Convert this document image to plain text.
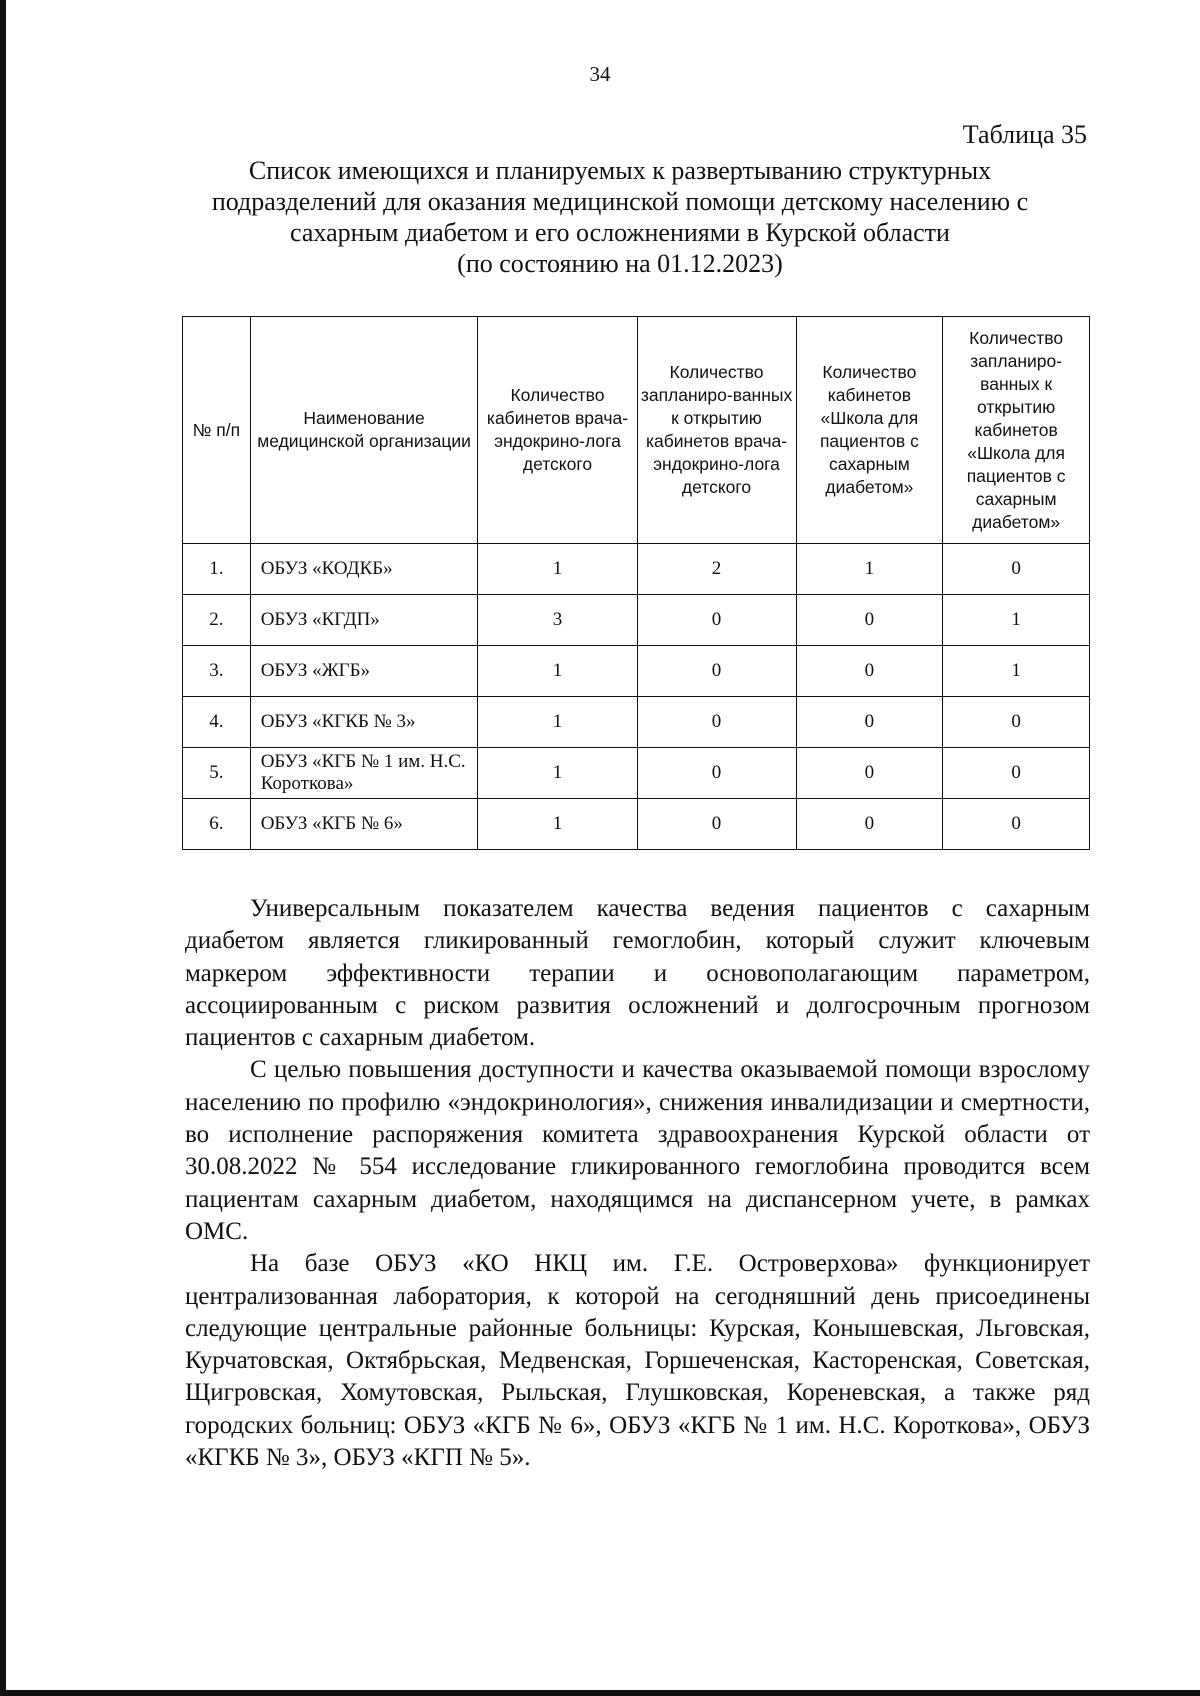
34
Таблица 35
Список имеющихся и планируемых к развертыванию структурных
подразделений для оказания медицинской помощи детскому населению с
сахарным диабетом и его осложнениями в Курской области
(по состоянию на 01.12.2023)
№ п/п	Наименование медицинской организации	Количество кабинетов врача-эндокрино-лога детского	Количество запланиро-ванных к открытию кабинетов врача-эндокрино-лога детского	Количество кабинетов «Школа для пациентов с сахарным диабетом»	Количество запланиро-ванных к открытию кабинетов «Школа для пациентов с сахарным диабетом»
1.	ОБУЗ «КОДКБ»	1	2	1	0
2.	ОБУЗ «КГДП»	3	0	0	1
3.	ОБУЗ «ЖГБ»	1	0	0	1
4.	ОБУЗ «КГКБ № 3»	1	0	0	0
5.	ОБУЗ «КГБ № 1 им. Н.С. Короткова»	1	0	0	0
6.	ОБУЗ «КГБ № 6»	1	0	0	0

Универсальным показателем качества ведения пациентов с сахарным диабетом является гликированный гемоглобин, который служит ключевым маркером эффективности терапии и основополагающим параметром, ассоциированным с риском развития осложнений и долгосрочным прогнозом пациентов с сахарным диабетом.

С целью повышения доступности и качества оказываемой помощи взрослому населению по профилю «эндокринология», снижения инвалидизации и смертности, во исполнение распоряжения комитета здравоохранения Курской области от 30.08.2022 № 554 исследование гликированного гемоглобина проводится всем пациентам сахарным диабетом, находящимся на диспансерном учете, в рамках ОМС.

На базе ОБУЗ «КО НКЦ им. Г.Е. Островерхова» функционирует централизованная лаборатория, к которой на сегодняшний день присоединены следующие центральные районные больницы: Курская, Конышевская, Льговская, Курчатовская, Октябрьская, Медвенская, Горшеченская, Касторенская, Советская, Щигровская, Хомутовская, Рыльская, Глушковская, Кореневская, а также ряд городских больниц: ОБУЗ «КГБ № 6», ОБУЗ «КГБ № 1 им. Н.С. Короткова», ОБУЗ «КГКБ № 3», ОБУЗ «КГП № 5».
